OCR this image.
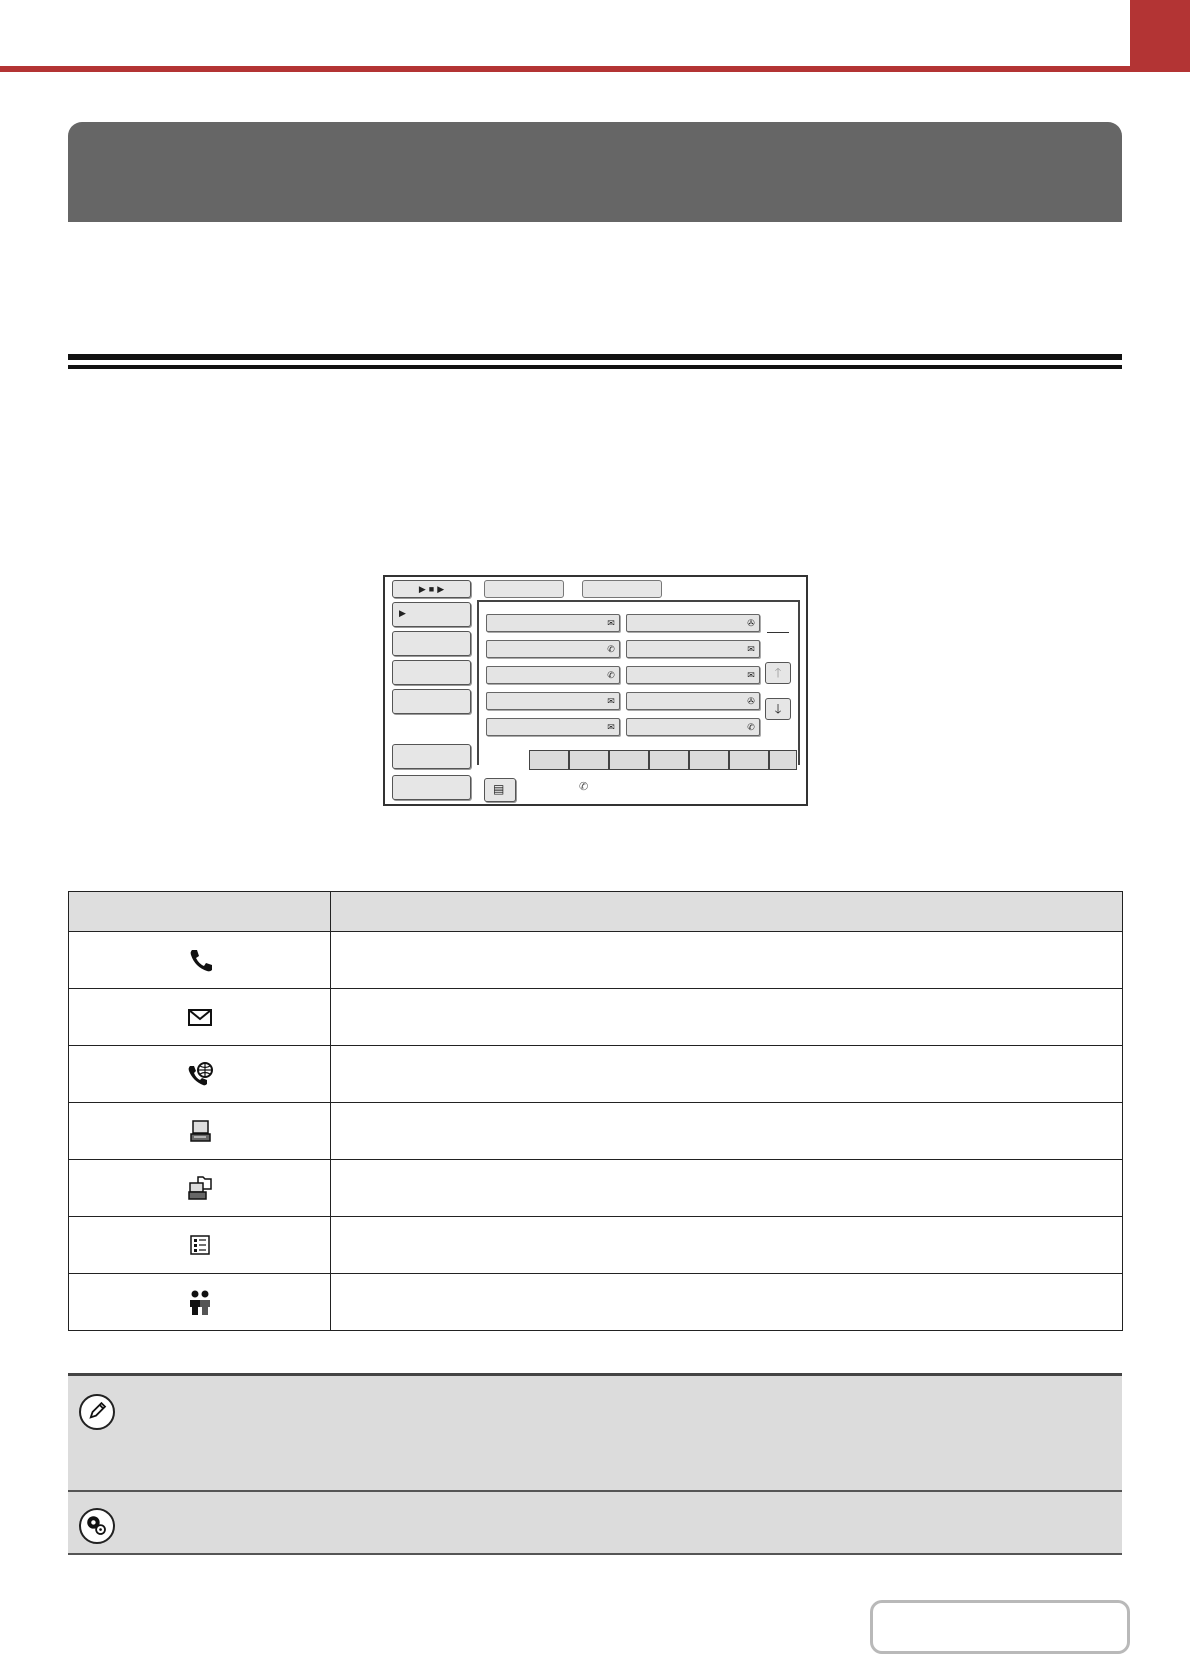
▶ ■ ▶
▶
✉
✆
✆
✉
✉
✇
✉
✉
✇
✆
🡑
🡓
▤	✆
